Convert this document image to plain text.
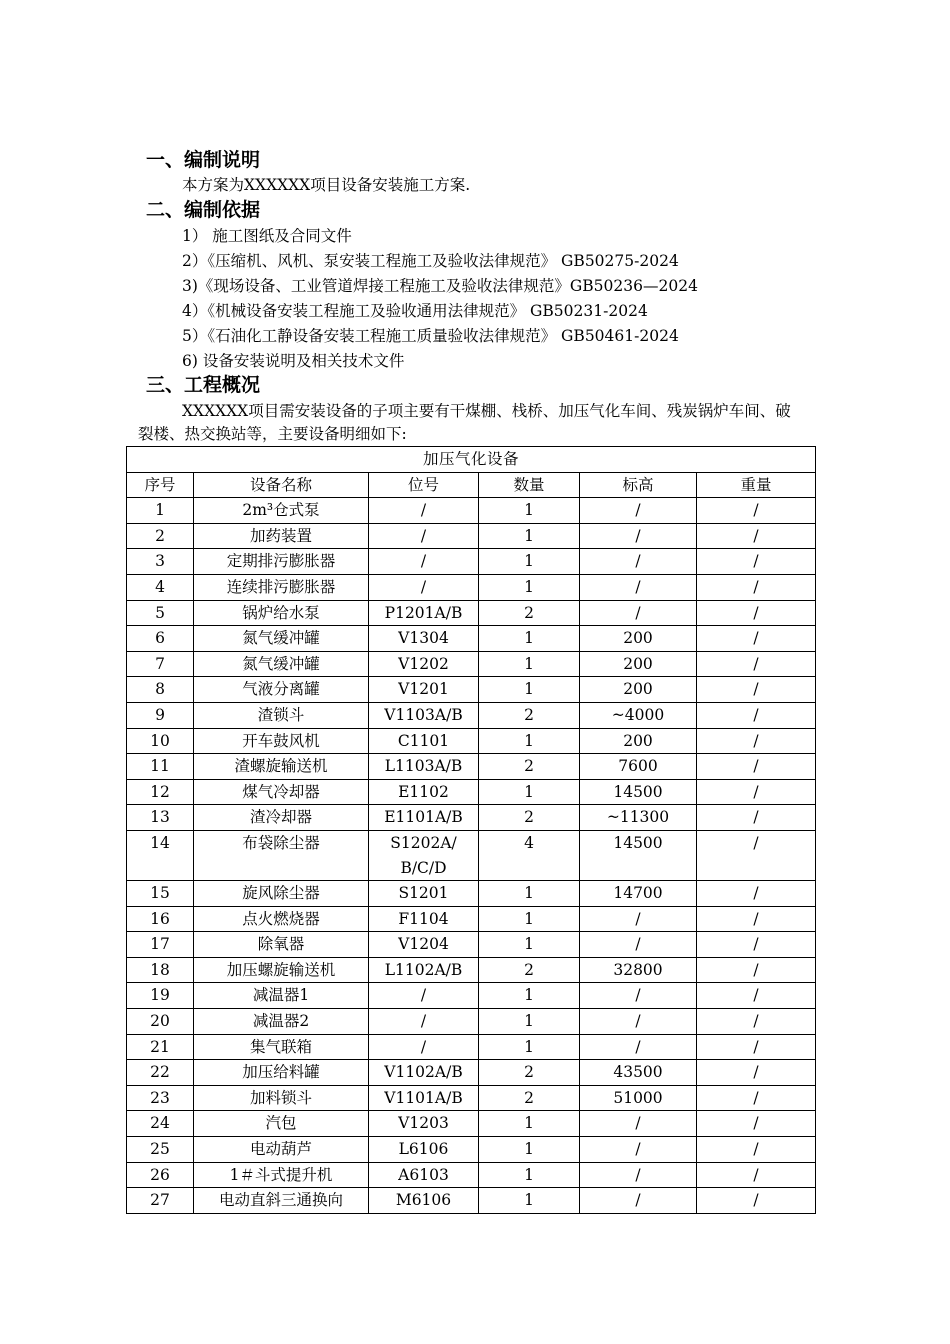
一、编制说明
本方案为XXXXXX项目设备安装施工方案.
二、编制依据
1） 施工图纸及合同文件
2）《压缩机、风机、泵安装工程施工及验收法律规范》 GB50275-2024
3)《现场设备、工业管道焊接工程施工及验收法律规范》GB50236—2024
4）《机械设备安装工程施工及验收通用法律规范》 GB50231-2024
5）《石油化工静设备安装工程施工质量验收法律规范》 GB50461-2024
6) 设备安装说明及相关技术文件
三、工程概况
XXXXXX项目需安装设备的子项主要有干煤棚、栈桥、加压气化车间、残炭锅炉车间、破
裂楼、热交换站等，主要设备明细如下:
加压气化设备					
序号	设备名称	位号	数量	标高	重量
1	2m³仓式泵	/	1	/	/
2	加药装置	/	1	/	/
3	定期排污膨胀器	/	1	/	/
4	连续排污膨胀器	/	1	/	/
5	锅炉给水泵	P1201A/B	2	/	/
6	氮气缓冲罐	V1304	1	200	/
7	氮气缓冲罐	V1202	1	200	/
8	气液分离罐	V1201	1	200	/
9	渣锁斗	V1103A/B	2	~4000	/
10	开车鼓风机	C1101	1	200	/
11	渣螺旋输送机	L1103A/B	2	7600	/
12	煤气冷却器	E1102	1	14500	/
13	渣冷却器	E1101A/B	2	~11300	/
14	布袋除尘器	S1202A/ B/C/D	4	14500	/
15	旋风除尘器	S1201	1	14700	/
16	点火燃烧器	F1104	1	/	/
17	除氧器	V1204	1	/	/
18	加压螺旋输送机	L1102A/B	2	32800	/
19	减温器1	/	1	/	/
20	减温器2	/	1	/	/
21	集气联箱	/	1	/	/
22	加压给料罐	V1102A/B	2	43500	/
23	加料锁斗	V1101A/B	2	51000	/
24	汽包	V1203	1	/	/
25	电动葫芦	L6106	1	/	/
26	1＃斗式提升机	A6103	1	/	/
27	电动直斜三通换向	M6106	1	/	/
